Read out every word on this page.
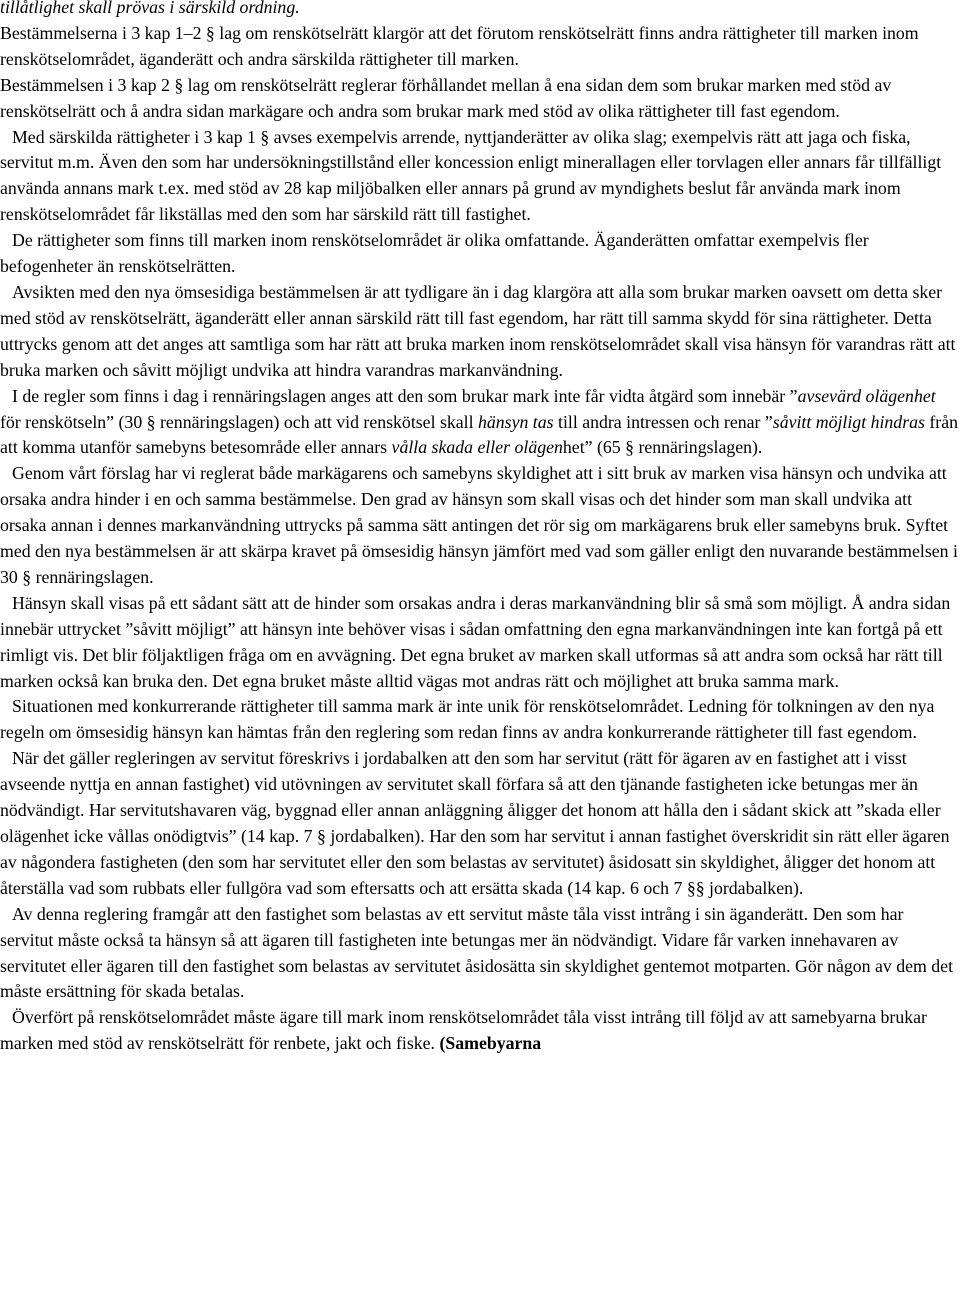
tillåtlighet skall prövas i särskild ordning.

Bestämmelserna i 3 kap 1–2 § lag om renskötselrätt klargör att det förutom renskötselrätt finns andra rättigheter till marken inom renskötselområdet, äganderätt och andra särskilda rättigheter till marken.

Bestämmelsen i 3 kap 2 § lag om renskötselrätt reglerar förhållandet mellan å ena sidan dem som brukar marken med stöd av renskötselrätt och å andra sidan markägare och andra som brukar mark med stöd av olika rättigheter till fast egendom.

Med särskilda rättigheter i 3 kap 1 § avses exempelvis arrende, nyttjanderätter av olika slag; exempelvis rätt att jaga och fiska, servitut m.m. Även den som har undersökningstillstånd eller koncession enligt minerallagen eller torvlagen eller annars får tillfälligt använda annans mark t.ex. med stöd av 28 kap miljöbalken eller annars på grund av myndighets beslut får använda mark inom renskötselområdet får likställas med den som har särskild rätt till fastighet.

De rättigheter som finns till marken inom renskötselområdet är olika omfattande. Äganderätten omfattar exempelvis fler befogenheter än renskötselrätten.

Avsikten med den nya ömsesidiga bestämmelsen är att tydligare än i dag klargöra att alla som brukar marken oavsett om detta sker med stöd av renskötselrätt, äganderätt eller annan särskild rätt till fast egendom, har rätt till samma skydd för sina rättigheter. Detta uttrycks genom att det anges att samtliga som har rätt att bruka marken inom renskötselområdet skall visa hänsyn för varandras rätt att bruka marken och såvitt möjligt undvika att hindra varandras markanvändning.

I de regler som finns i dag i rennäringslagen anges att den som brukar mark inte får vidta åtgärd som innebär ”avsevärd olägenhet för renskötseln” (30 § rennäringslagen) och att vid renskötsel skall hänsyn tas till andra intressen och renar ”såvitt möjligt hindras från att komma utanför samebyns betesområde eller annars vålla skada eller olägenhet” (65 § rennäringslagen).

Genom vårt förslag har vi reglerat både markägarens och samebyns skyldighet att i sitt bruk av marken visa hänsyn och undvika att orsaka andra hinder i en och samma bestämmelse. Den grad av hänsyn som skall visas och det hinder som man skall undvika att orsaka annan i dennes markanvändning uttrycks på samma sätt antingen det rör sig om markägarens bruk eller samebyns bruk. Syftet med den nya bestämmelsen är att skärpa kravet på ömsesidig hänsyn jämfört med vad som gäller enligt den nuvarande bestämmelsen i 30 § rennäringslagen.

Hänsyn skall visas på ett sådant sätt att de hinder som orsakas andra i deras markanvändning blir så små som möjligt. Å andra sidan innebär uttrycket ”såvitt möjligt” att hänsyn inte behöver visas i sådan omfattning den egna markanvändningen inte kan fortgå på ett rimligt vis. Det blir följaktligen fråga om en avvägning. Det egna bruket av marken skall utformas så att andra som också har rätt till marken också kan bruka den. Det egna bruket måste alltid vägas mot andras rätt och möjlighet att bruka samma mark.

Situationen med konkurrerande rättigheter till samma mark är inte unik för renskötselområdet. Ledning för tolkningen av den nya regeln om ömsesidig hänsyn kan hämtas från den reglering som redan finns av andra konkurrerande rättigheter till fast egendom.

När det gäller regleringen av servitut föreskrivs i jordabalken att den som har servitut (rätt för ägaren av en fastighet att i visst avseende nyttja en annan fastighet) vid utövningen av servitutet skall förfara så att den tjänande fastigheten icke betungas mer än nödvändigt. Har servitutshavaren väg, byggnad eller annan anläggning åligger det honom att hålla den i sådant skick att ”skada eller olägenhet icke vållas onödigtvis” (14 kap. 7 § jordabalken). Har den som har servitut i annan fastighet överskridit sin rätt eller ägaren av någondera fastigheten (den som har servitutet eller den som belastas av servitutet) åsidosatt sin skyldighet, åligger det honom att återställa vad som rubbats eller fullgöra vad som eftersatts och att ersätta skada (14 kap. 6 och 7 §§ jordabalken).

Av denna reglering framgår att den fastighet som belastas av ett servitut måste tåla visst intrång i sin äganderätt. Den som har servitut måste också ta hänsyn så att ägaren till fastigheten inte betungas mer än nödvändigt. Vidare får varken innehavaren av servitutet eller ägaren till den fastighet som belastas av servitutet åsidosätta sin skyldighet gentemot motparten. Gör någon av dem det måste ersättning för skada betalas.

Överfört på renskötselområdet måste ägare till mark inom renskötselområdet tåla visst intrång till följd av att samebyarna brukar marken med stöd av renskötselrätt för renbete, jakt och fiske. (Samebyarna
